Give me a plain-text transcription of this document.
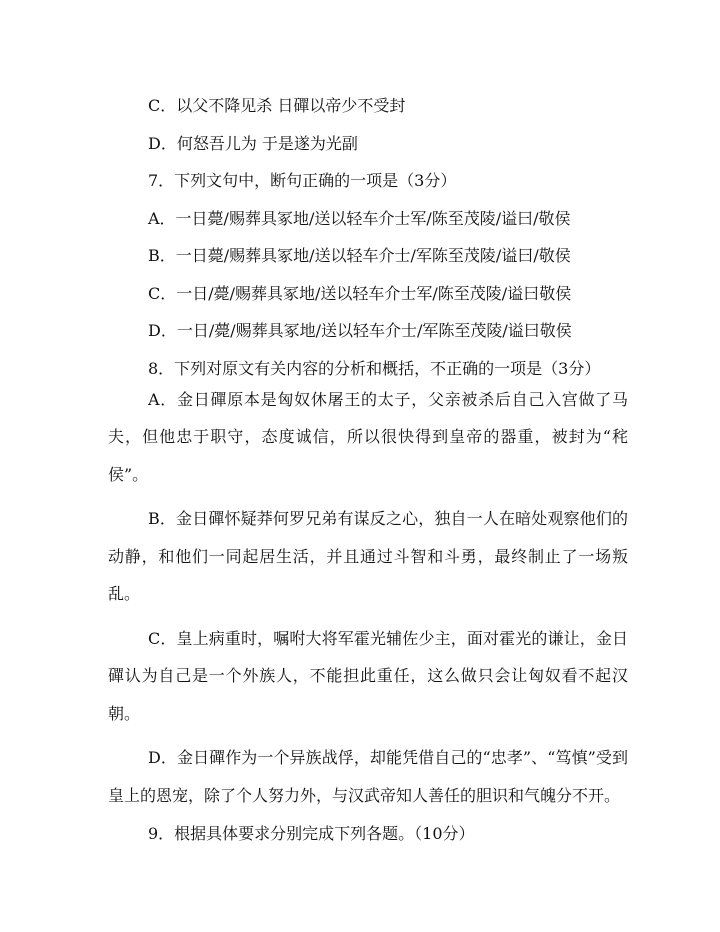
C．以父不降见杀 日磾以帝少不受封

D．何怒吾儿为 于是遂为光副

7．下列文句中，断句正确的一项是（3分）

A．一日薨/赐葬具冢地/送以轻车介士军/陈至茂陵/谥曰/敬侯

B．一日薨/赐葬具冢地/送以轻车介士/军陈至茂陵/谥曰/敬侯

C．一日/薨/赐葬具冢地/送以轻车介士军/陈至茂陵/谥曰敬侯

D．一日/薨/赐葬具冢地/送以轻车介士/军陈至茂陵/谥曰敬侯

8．下列对原文有关内容的分析和概括，不正确的一项是（3分）

A．金日磾原本是匈奴休屠王的太子，父亲被杀后自己入宫做了马夫，但他忠于职守，态度诚信，所以很快得到皇帝的器重，被封为“秺侯”。

B．金日磾怀疑莽何罗兄弟有谋反之心，独自一人在暗处观察他们的动静，和他们一同起居生活，并且通过斗智和斗勇，最终制止了一场叛乱。

C．皇上病重时，嘱咐大将军霍光辅佐少主，面对霍光的谦让，金日磾认为自己是一个外族人，不能担此重任，这么做只会让匈奴看不起汉朝。

D．金日磾作为一个异族战俘，却能凭借自己的“忠孝”、“笃慎”受到皇上的恩宠，除了个人努力外，与汉武帝知人善任的胆识和气魄分不开。

9．根据具体要求分别完成下列各题。（10分）
